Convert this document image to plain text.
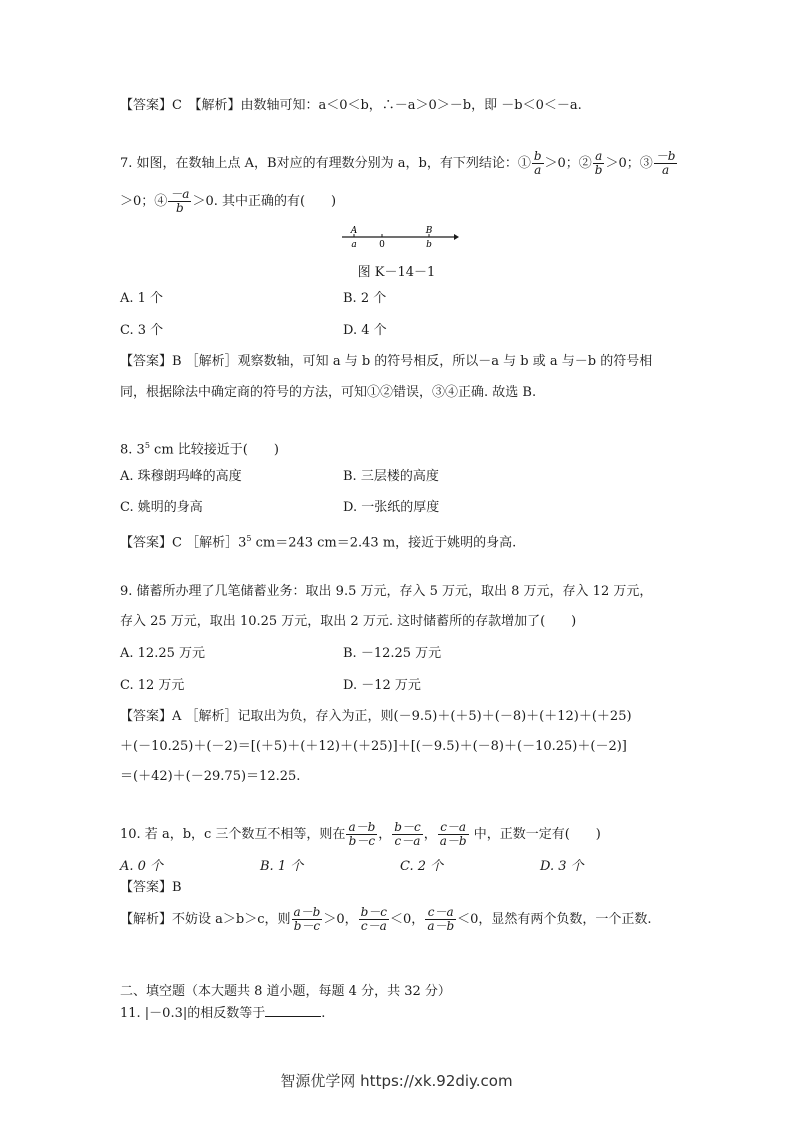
【答案】C　【解析】由数轴可知：a＜0＜b，∴－a＞0＞－b，即 －b＜0＜－a.
7. 如图，在数轴上点 A，B对应的有理数分别为 a，b，有下列结论：① $\frac{b}{a} >0$；② $\frac{a}{b} >0$；③ $\frac{-b}{a}$
＞0；④ $\frac{-a}{b} >0$. 其中正确的有(　　)
A	B
a 0	b
图 K－14－1
A. 1 个	B. 2 个
C. 3 个	D. 4 个
【答案】B ［解析］观察数轴，可知 a 与 b 的符号相反，所以－a 与 b 或 a 与－b 的符号相
同，根据除法中确定商的符号的方法，可知①②错误，③④正确. 故选 B.
8. $3^5$ cm 比较接近于(　　)
A. 珠穆朗玛峰的高度	B. 三层楼的高度
C. 姚明的身高	D. 一张纸的厚度
【答案】C ［解析$]3^5$ cm＝243 cm＝2.43 m，接近于姚明的身高.
9. 储蓄所办理了几笔储蓄业务：取出 9.5 万元，存入 5 万元，取出 8 万元，存入 12 万元，
存入 25 万元，取出 10.25 万元，取出 2 万元. 这时储蓄所的存款增加了(　　)
A. 12.25 万元	B. －12.25 万元
C. 12 万元	D. －12 万元
【答案】A ［解析］记取出为负，存入为正，则(－9.5)＋(＋5)＋(－8)＋(＋12)＋(＋25)
＋(－10.25)＋(－2)＝[(＋5)＋(＋12)＋(＋25)]＋[(－9.5)＋(－8)＋(－10.25)＋(－2)]
＝(＋42)＋(－29.75)＝12.25.
10. 若 a，b，c 三个数互不相等，则在 $\frac{a-b}{b-c}$ ， $\frac{b-c}{c-a}$ ， $\frac{c-a}{a-b}$ 中，正数一定有(　　)
A. 0 个	B. 1 个	C. 2 个	D. 3 个
【答案】B
【解析】不妨设 a＞b＞c，则 $\frac{a-b}{b-c} >0$， $\frac{b-c}{c-a} <0$， $\frac{c-a}{a-b} <0$，显然有两个负数，一个正数.
二、填空题（本大题共 8 道小题，每题 4 分，共 32 分）
11. |－0.3|的相反数等于	.
智源优学网 https://xk.92diy.com
